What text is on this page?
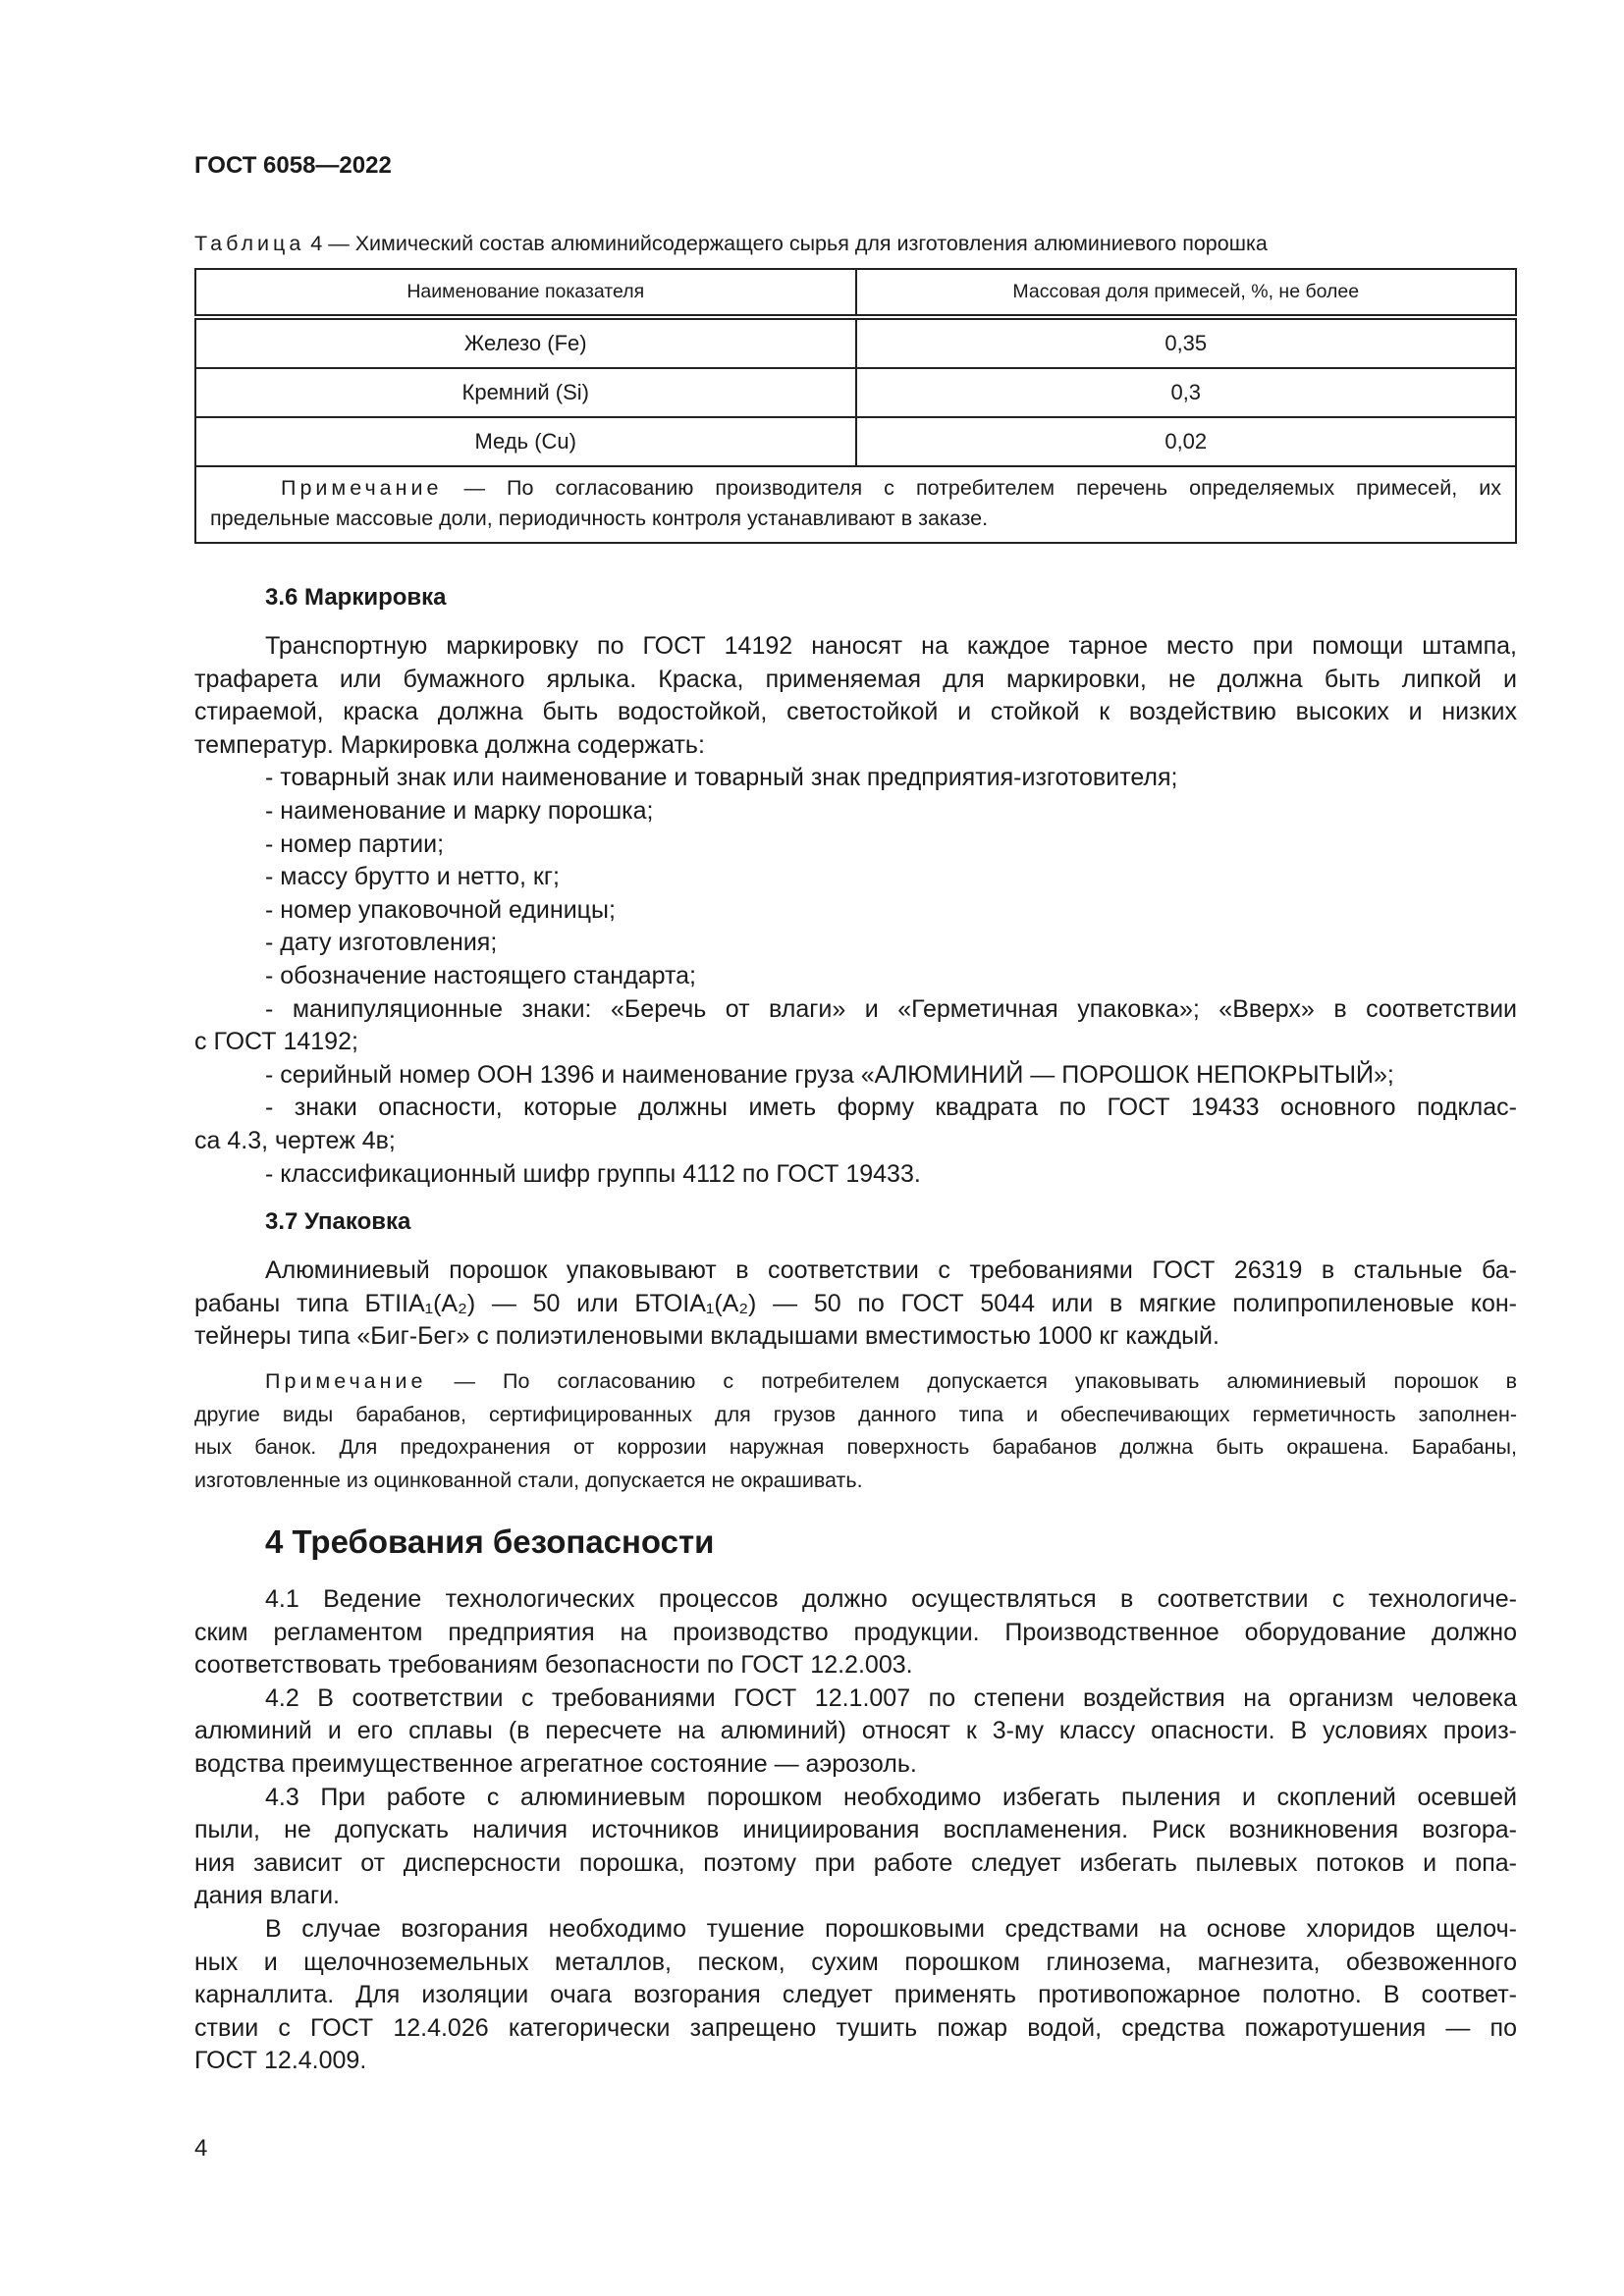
ГОСТ 6058—2022
Таблица 4 — Химический состав алюминийсодержащего сырья для изготовления алюминиевого порошка
Наименование показателя	Массовая доля примесей, %, не более
Железо (Fe)	0,35
Кремний (Si)	0,3
Медь (Cu)	0,02

Примечание — По согласованию производителя с потребителем перечень определяемых примесей, их
предельные массовые доли, периодичность контроля устанавливают в заказе.	
3.6 Маркировка
Транспортную маркировку по ГОСТ 14192 наносят на каждое тарное место при помощи штампа,
трафарета или бумажного ярлыка. Краска, применяемая для маркировки, не должна быть липкой и
стираемой, краска должна быть водостойкой, светостойкой и стойкой к воздействию высоких и низких
температур. Маркировка должна содержать:
- товарный знак или наименование и товарный знак предприятия-изготовителя;
- наименование и марку порошка;
- номер партии;
- массу брутто и нетто, кг;
- номер упаковочной единицы;
- дату изготовления;
- обозначение настоящего стандарта;
- манипуляционные знаки: «Беречь от влаги» и «Герметичная упаковка»; «Вверх» в соответствии
с ГОСТ 14192;
- серийный номер ООН 1396 и наименование груза «АЛЮМИНИЙ — ПОРОШОК НЕПОКРЫТЫЙ»;
- знаки опасности, которые должны иметь форму квадрата по ГОСТ 19433 основного подклас-
са 4.3, чертеж 4в;
- классификационный шифр группы 4112 по ГОСТ 19433.
3.7 Упаковка
Алюминиевый порошок упаковывают в соответствии с требованиями ГОСТ 26319 в стальные ба-
рабаны типа БТIIA₁(A₂) — 50 или БТОIA₁(A₂) — 50 по ГОСТ 5044 или в мягкие полипропиленовые кон-
тейнеры типа «Биг-Бег» с полиэтиленовыми вкладышами вместимостью 1000 кг каждый.
Примечание — По согласованию с потребителем допускается упаковывать алюминиевый порошок в
другие виды барабанов, сертифицированных для грузов данного типа и обеспечивающих герметичность заполнен-
ных банок. Для предохранения от коррозии наружная поверхность барабанов должна быть окрашена. Барабаны,
изготовленные из оцинкованной стали, допускается не окрашивать.
4 Требования безопасности
4.1 Ведение технологических процессов должно осуществляться в соответствии с технологиче-
ским регламентом предприятия на производство продукции. Производственное оборудование должно
соответствовать требованиям безопасности по ГОСТ 12.2.003.
4.2 В соответствии с требованиями ГОСТ 12.1.007 по степени воздействия на организм человека
алюминий и его сплавы (в пересчете на алюминий) относят к 3-му классу опасности. В условиях произ-
водства преимущественное агрегатное состояние — аэрозоль.
4.3 При работе с алюминиевым порошком необходимо избегать пыления и скоплений осевшей
пыли, не допускать наличия источников инициирования воспламенения. Риск возникновения возгора-
ния зависит от дисперсности порошка, поэтому при работе следует избегать пылевых потоков и попа-
дания влаги.
В случае возгорания необходимо тушение порошковыми средствами на основе хлоридов щелоч-
ных и щелочноземельных металлов, песком, сухим порошком глинозема, магнезита, обезвоженного
карналлита. Для изоляции очага возгорания следует применять противопожарное полотно. В соответ-
ствии с ГОСТ 12.4.026 категорически запрещено тушить пожар водой, средства пожаротушения — по
ГОСТ 12.4.009.
4
